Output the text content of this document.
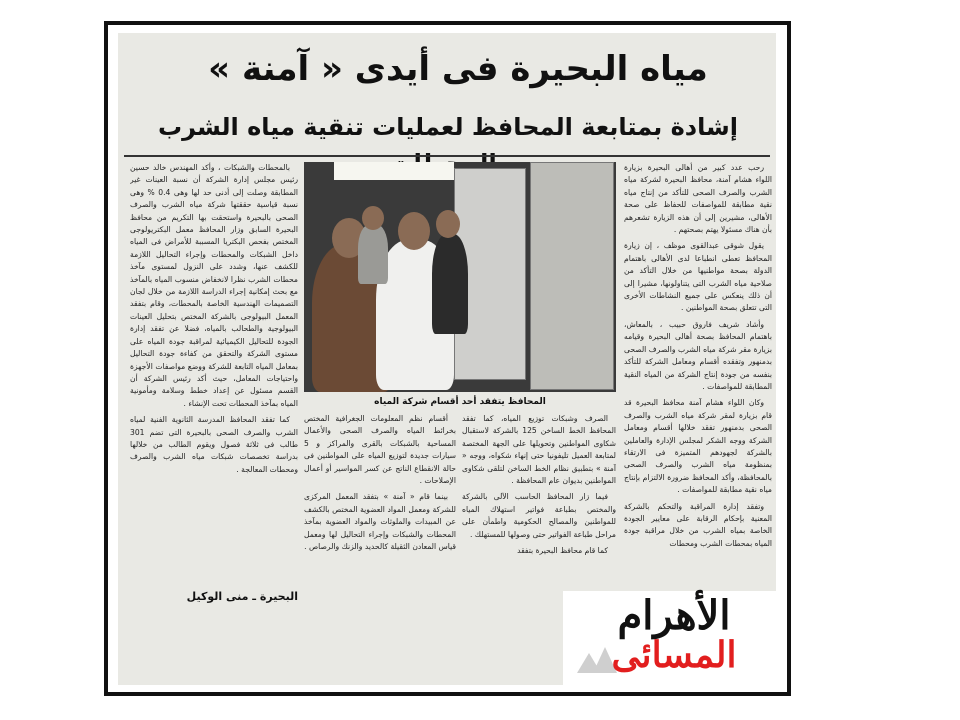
مياه البحيرة فى أيدى « آمنة »
إشادة بمتابعة المحافظ لعمليات تنقية مياه الشرب

رحب عدد كبير من أهالى البحيرة بزيارة اللواء هشام آمنة، محافظ البحيرة لشركة مياه الشرب والصرف الصحى للتأكد من إنتاج مياه نقية مطابقة للمواصفات للحفاظ على صحة الأهالى، مشيرين إلى أن هذه الزيارة تشعرهم بأن هناك مسئولا يهتم بصحتهم .

يقول شوقى عبدالقوى موظف ، إن زيارة المحافظ تعطى انطباعا لدى الأهالى باهتمام الدولة بصحة مواطنيها من خلال التأكد من صلاحية مياه الشرب التى يتناولونها، مشيرا إلى أن ذلك ينعكس على جميع النشاطات الأخرى التى تتعلق بصحة المواطنين .

وأشاد شريف فاروق حبيب ، بالمعاش، باهتمام المحافظ بصحة أهالى البحيرة وقيامه بزيارة مقر شركة مياه الشرب والصرف الصحى بدمنهور وتفقده أقسام ومعامل الشركة للتأكد بنفسه من جودة إنتاج الشركة من المياه النقية المطابقة للمواصفات .

وكان اللواء هشام آمنة محافظ البحيرة قد قام بزيارة لمقر شركة مياه الشرب والصرف الصحى بدمنهور تفقد خلالها أقسام ومعامل الشركة ووجه الشكر لمجلس الإدارة والعاملين بالشركة لجهودهم المتميزة فى الارتقاء بمنظومة مياه الشرب والصرف الصحى بالمحافظة، وأكد المحافظ ضرورة الالتزام بإنتاج مياه نقية مطابقة للمواصفات .

وتفقد إدارة المراقبة والتحكم بالشركة المعنية بإحكام الرقابة على معايير الجودة الخاصة بمياه الشرب من خلال مراقبة جودة المياه بمحطات الشرب ومحطات

المحافظ يتفقد أحد أقسام شركة المياه

الصرف وشبكات توزيع المياه، كما تفقد المحافظ الخط الساخن 125 بالشركة لاستقبال شكاوى المواطنين وتحويلها على الجهة المختصة لمتابعة العميل تليفونيا حتى إنهاء شكواه، ووجه « آمنة » بتطبيق نظام الخط الساخن لتلقى شكاوى المواطنين بديوان عام المحافظة .

فيما زار المحافظ الحاسب الآلى بالشركة والمختص بطباعة فواتير استهلاك المياه للمواطنين والمصالح الحكومية واطمأن على مراحل طباعة الفواتير حتى وصولها للمستهلك .

كما قام محافظ البحيرة بتفقد

أقسام نظم المعلومات الجغرافية المختص بخرائط المياه والصرف الصحى والأعمال المساحية بالشبكات بالقرى والمراكز و 5 سيارات جديدة لتوزيع المياه على المواطنين فى حالة الانقطاع الناتج عن كسر المواسير أو أعمال الإصلاحات .

بينما قام « آمنة » بتفقد المعمل المركزى للشركة ومعمل المواد العضوية المختص بالكشف عن المبيدات والملوثات والمواد العضوية بمآخذ المحطات والشبكات وإجراء التحاليل لها ومعمل قياس المعادن الثقيلة كالحديد والزنك والرصاص .

بالمحطات والشبكات ، وأكد المهندس خالد حسين رئيس مجلس إدارة الشركة أن نسبة العينات غير المطابقة وصلت إلى أدنى حد لها وهى 0.4 % وهى نسبة قياسية حققتها شركة مياه الشرب والصرف الصحى بالبحيرة واستحقت بها التكريم من محافظ البحيرة السابق وزار المحافظ معمل البكتريولوجى المختص بفحص البكتريا المسببة للأمراض فى المياه داخل الشبكات والمحطات وإجراء التحاليل اللازمة للكشف عنها، وشدد على النزول لمستوى مآخذ محطات الشرب نظرا لانخفاض منسوب المياه بالمآخذ مع بحث إمكانية إجراء الدراسة اللازمة من خلال لجان التصميمات الهندسية الخاصة بالمحطات، وقام بتفقد المعمل البيولوجى بالشركة المختص بتحليل العينات البيولوجية والطحالب بالمياه، فضلا عن تفقد إدارة الجودة للتحاليل الكيميائية لمراقبة جودة المياه على مستوى الشركة والتحقق من كفاءة جودة التحاليل بمعامل المياه التابعة للشركة ووضع مواصفات الأجهزة واحتياجات المعامل، حيث أكد رئيس الشركة أن القسم مسئول عن إعداد خطط وسلامة ومأمونية المياه بمآخذ المحطات تحت الإنشاء .

كما تفقد المحافظ المدرسة الثانوية الفنية لمياه الشرب والصرف الصحى بالبحيرة التى تضم 301 طالب فى ثلاثة فصول ويقوم الطالب من خلالها بدراسة تخصصات شبكات مياه الشرب والصرف ومحطات المعالجة .

البحيرة ـ منى الوكيل	الأهرام
المسائى
